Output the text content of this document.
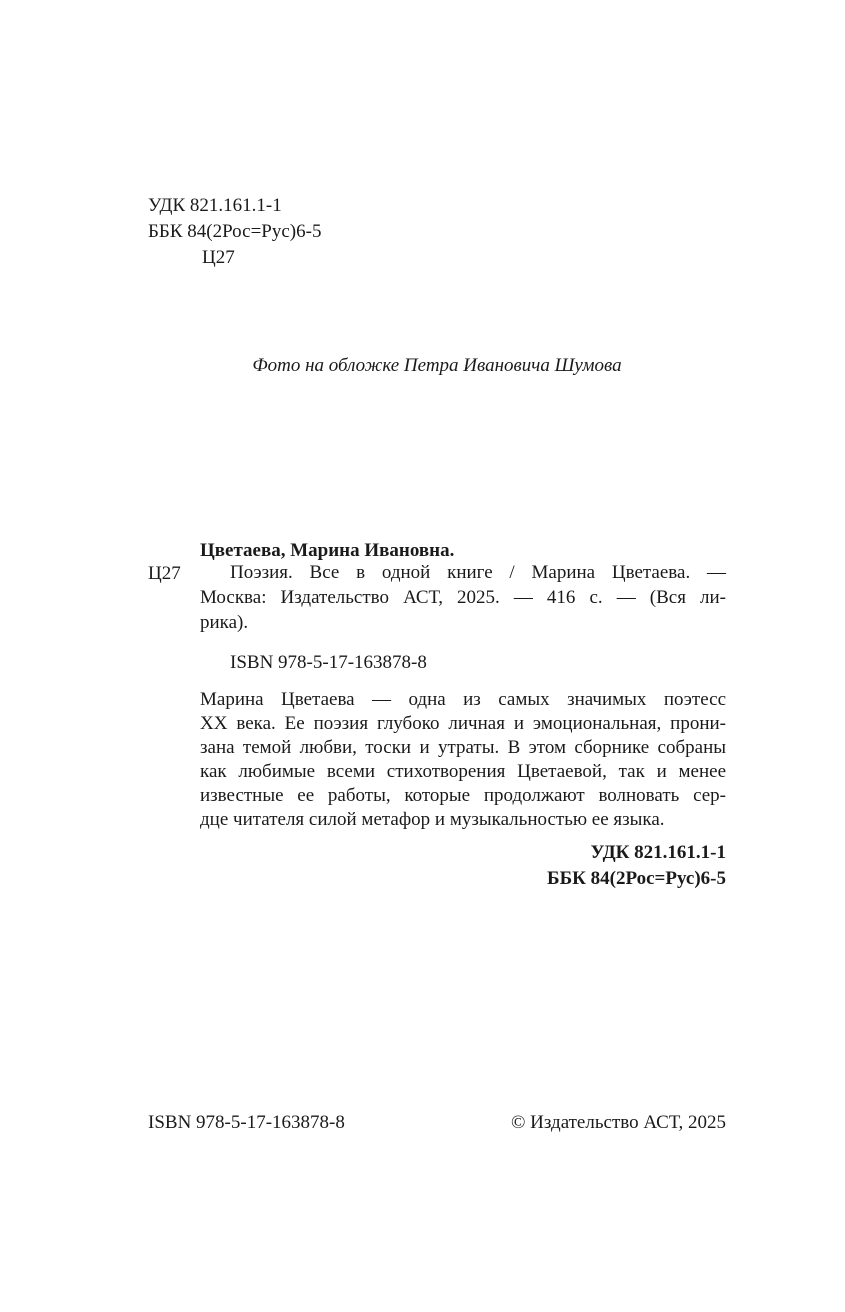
УДК 821.161.1-1
ББК 84(2Рос=Рус)6-5
Ц27
Фото на обложке Петра Ивановича Шумова
Цветаева, Марина Ивановна.
Ц27	Поэзия. Все в одной книге / Марина Цветаева. —
Москва: Издательство АСТ, 2025. — 416 с. — (Вся ли-
рика).
ISBN 978-5-17-163878-8
Марина Цветаева — одна из самых значимых поэтесс
XX века. Ее поэзия глубоко личная и эмоциональная, прони-
зана темой любви, тоски и утраты. В этом сборнике собраны
как любимые всеми стихотворения Цветаевой, так и менее
известные ее работы, которые продолжают волновать сер-
дце читателя силой метафор и музыкальностью ее языка.
УДК 821.161.1-1
ББК 84(2Рос=Рус)6-5
ISBN 978-5-17-163878-8	© Издательство АСТ, 2025
